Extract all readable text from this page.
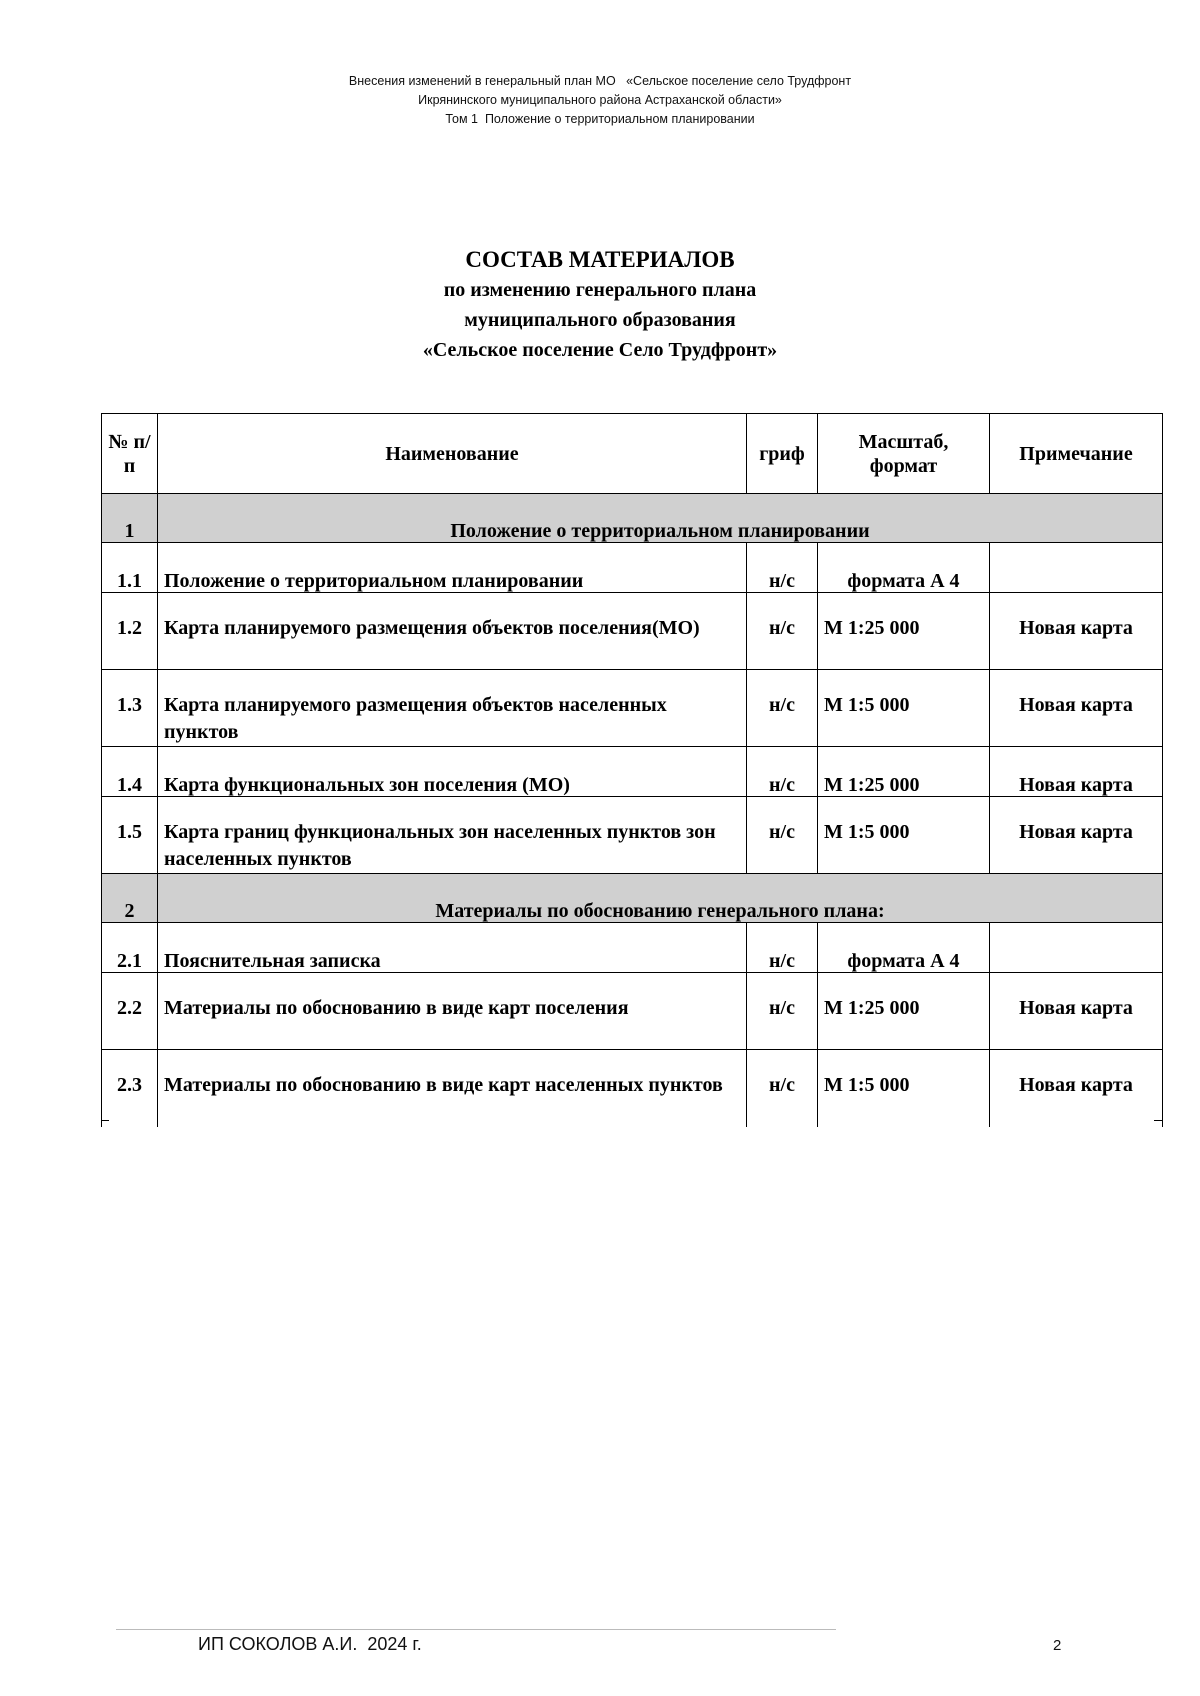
Внесения изменений в генеральный план МО   «Сельское поселение село Трудфронт
Икрянинского муниципального района Астраханской области»
Том 1  Положение о территориальном планировании
СОСТАВ МАТЕРИАЛОВ
по изменению генерального плана
муниципального образования
«Сельское поселение Село Трудфронт»
№ п/п	Наименование	гриф	Масштаб, формат	Примечание
1	Положение о территориальном планировании			
1.1	Положение о территориальном планировании	н/с	формата А 4	
1.2	Карта планируемого размещения объектов поселения(МО)	н/с	М 1:25 000	Новая карта
1.3	Карта планируемого размещения объектов населенных пунктов	н/с	М 1:5 000	Новая карта
1.4	Карта функциональных зон поселения (МО)	н/с	М 1:25 000	Новая карта
1.5	Карта границ функциональных зон населенных пунктов зон населенных пунктов	н/с	М 1:5 000	Новая карта
2	Материалы по обоснованию генерального плана:			
2.1	Пояснительная записка	н/с	формата А 4	
2.2	Материалы по обоснованию в виде карт поселения	н/с	М 1:25 000	Новая карта
2.3	Материалы по обоснованию в виде карт населенных пунктов	н/с	М 1:5 000	Новая карта
ИП СОКОЛОВ А.И.  2024 г.	2
